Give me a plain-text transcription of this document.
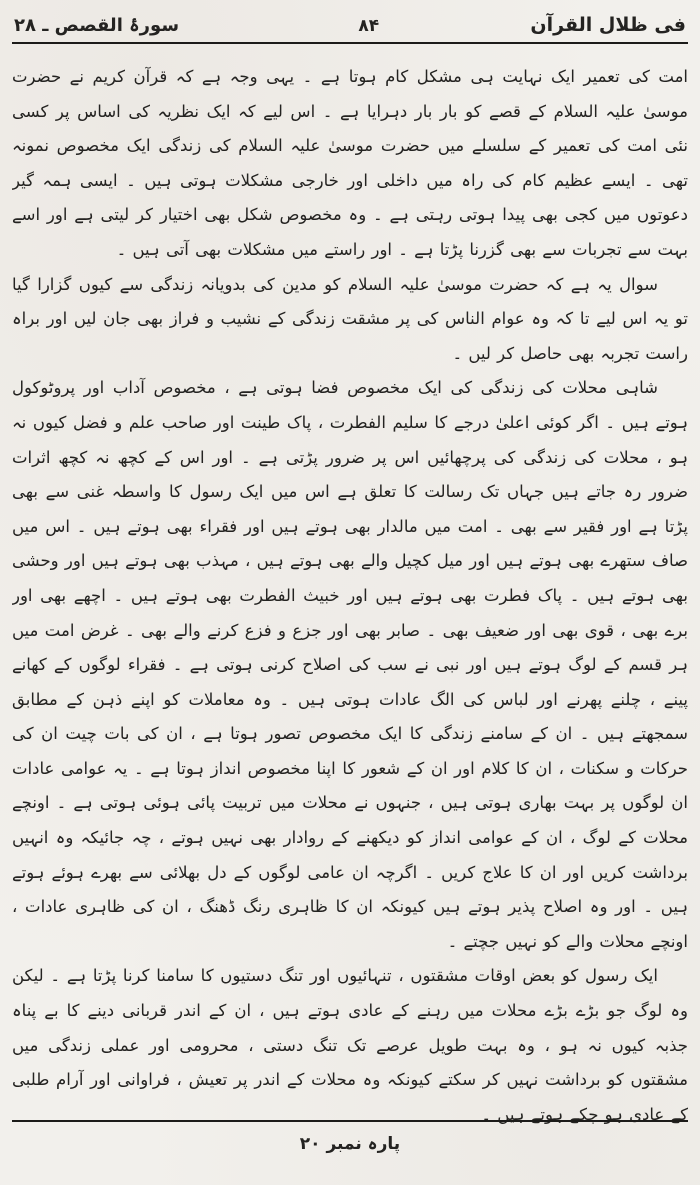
فی ظلال القرآن
۸۴
سورۂ القصص ـ ۲۸

امت کی تعمیر ایک نہایت ہی مشکل کام ہوتا ہے ۔ یہی وجہ ہے کہ قرآن کریم نے حضرت موسیٰ علیہ السلام کے قصے کو بار بار دہرایا ہے ۔ اس لیے کہ ایک نظریہ کی اساس پر کسی نئی امت کی تعمیر کے سلسلے میں حضرت موسیٰ علیہ السلام کی زندگی ایک مخصوص نمونہ تھی ۔ ایسے عظیم کام کی راہ میں داخلی اور خارجی مشکلات ہوتی ہیں ۔ ایسی ہمہ گیر دعوتوں میں کجی بھی پیدا ہوتی رہتی ہے ۔ وہ مخصوص شکل بھی اختیار کر لیتی ہے اور اسے بہت سے تجربات سے بھی گزرنا پڑتا ہے ۔ اور راستے میں مشکلات بھی آتی ہیں ۔

سوال یہ ہے کہ حضرت موسیٰ علیہ السلام کو مدین کی بدویانہ زندگی سے کیوں گزارا گیا تو یہ اس لیے تا کہ وہ عوام الناس کی پر مشقت زندگی کے نشیب و فراز بھی جان لیں اور براہ راست تجربہ بھی حاصل کر لیں ۔

شاہی محلات کی زندگی کی ایک مخصوص فضا ہوتی ہے ، مخصوص آداب اور پروٹوکول ہوتے ہیں ۔ اگر کوئی اعلیٰ درجے کا سلیم الفطرت ، پاک طینت اور صاحب علم و فضل کیوں نہ ہو ، محلات کی زندگی کی پرچھائیں اس پر ضرور پڑتی ہے ۔ اور اس کے کچھ نہ کچھ اثرات ضرور رہ جاتے ہیں جہاں تک رسالت کا تعلق ہے اس میں ایک رسول کا واسطہ غنی سے بھی پڑتا ہے اور فقیر سے بھی ۔ امت میں مالدار بھی ہوتے ہیں اور فقراء بھی ہوتے ہیں ۔ اس میں صاف ستھرے بھی ہوتے ہیں اور میل کچیل والے بھی ہوتے ہیں ، مہذب بھی ہوتے ہیں اور وحشی بھی ہوتے ہیں ۔ پاک فطرت بھی ہوتے ہیں اور خبیث الفطرت بھی ہوتے ہیں ۔ اچھے بھی اور برے بھی ، قوی بھی اور ضعیف بھی ۔ صابر بھی اور جزع و فزع کرنے والے بھی ۔ غرض امت میں ہر قسم کے لوگ ہوتے ہیں اور نبی نے سب کی اصلاح کرنی ہوتی ہے ۔ فقراء لوگوں کے کھانے پینے ، چلنے پھرنے اور لباس کی الگ عادات ہوتی ہیں ۔ وہ معاملات کو اپنے ذہن کے مطابق سمجھتے ہیں ۔ ان کے سامنے زندگی کا ایک مخصوص تصور ہوتا ہے ، ان کی بات چیت ان کی حرکات و سکنات ، ان کا کلام اور ان کے شعور کا اپنا مخصوص انداز ہوتا ہے ۔ یہ عوامی عادات ان لوگوں پر بہت بھاری ہوتی ہیں ، جنہوں نے محلات میں تربیت پائی ہوئی ہوتی ہے ۔ اونچے محلات کے لوگ ، ان کے عوامی انداز کو دیکھنے کے روادار بھی نہیں ہوتے ، چہ جائیکہ وہ انہیں برداشت کریں اور ان کا علاج کریں ۔ اگرچہ ان عامی لوگوں کے دل بھلائی سے بھرے ہوئے ہوتے ہیں ۔ اور وہ اصلاح پذیر ہوتے ہیں کیونکہ ان کا ظاہری رنگ ڈھنگ ، ان کی ظاہری عادات ، اونچے محلات والے کو نہیں جچتے ۔

ایک رسول کو بعض اوقات مشقتوں ، تنہائیوں اور تنگ دستیوں کا سامنا کرنا پڑتا ہے ۔ لیکن وہ لوگ جو بڑے بڑے محلات میں رہنے کے عادی ہوتے ہیں ، ان کے اندر قربانی دینے کا بے پناہ جذبہ کیوں نہ ہو ، وہ بہت طویل عرصے تک تنگ دستی ، محرومی اور عملی زندگی میں مشقتوں کو برداشت نہیں کر سکتے کیونکہ وہ محلات کے اندر پر تعیش ، فراوانی اور آرام طلبی کے عادی ہو چکے ہوتے ہیں ۔

پارہ نمبر ۲۰
